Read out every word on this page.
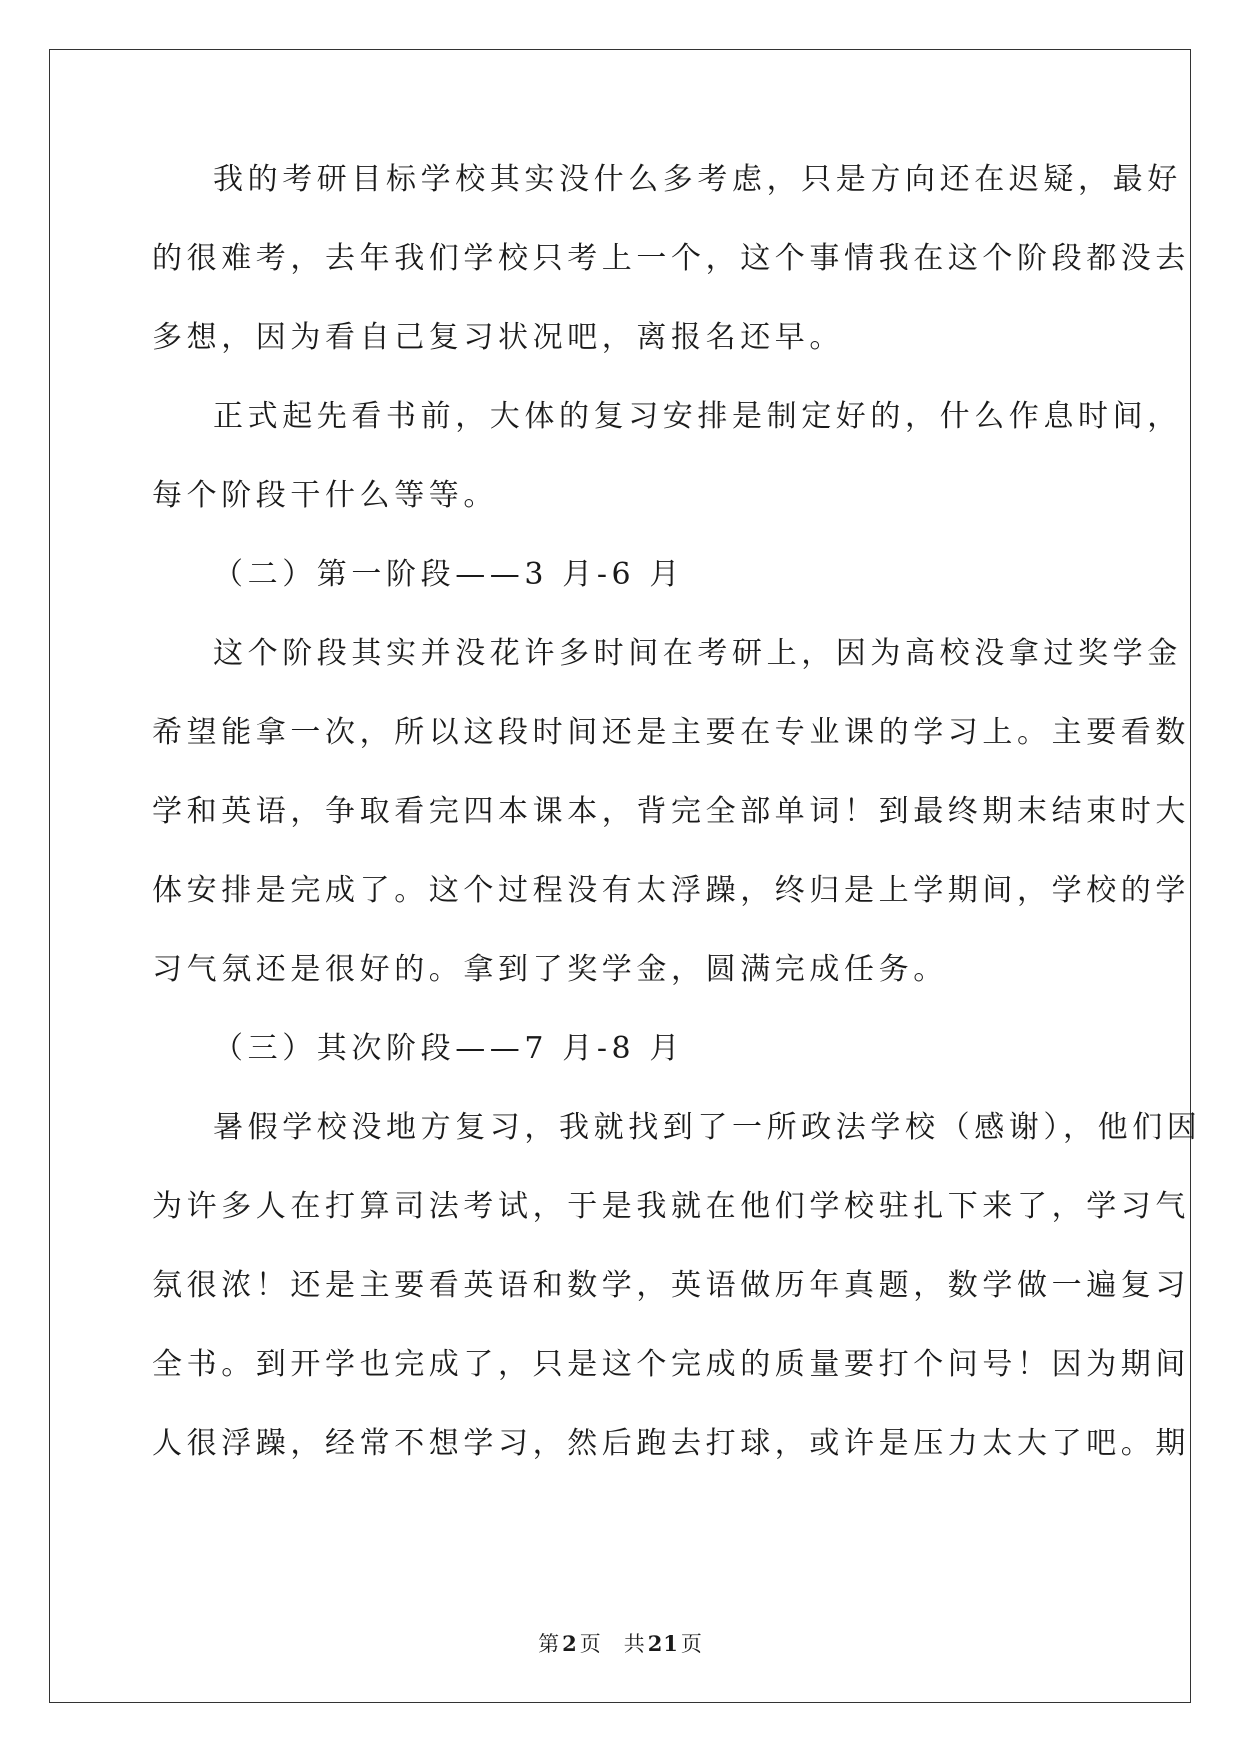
我的考研目标学校其实没什么多考虑，只是方向还在迟疑，最好

的很难考，去年我们学校只考上一个，这个事情我在这个阶段都没去

多想，因为看自己复习状况吧，离报名还早。

正式起先看书前，大体的复习安排是制定好的，什么作息时间，

每个阶段干什么等等。

（二）第一阶段——3 月-6 月

这个阶段其实并没花许多时间在考研上，因为高校没拿过奖学金

希望能拿一次，所以这段时间还是主要在专业课的学习上。主要看数

学和英语，争取看完四本课本，背完全部单词！到最终期末结束时大

体安排是完成了。这个过程没有太浮躁，终归是上学期间，学校的学

习气氛还是很好的。拿到了奖学金，圆满完成任务。

（三）其次阶段——7 月-8 月

暑假学校没地方复习，我就找到了一所政法学校（感谢），他们因

为许多人在打算司法考试，于是我就在他们学校驻扎下来了，学习气

氛很浓！还是主要看英语和数学，英语做历年真题，数学做一遍复习

全书。到开学也完成了，只是这个完成的质量要打个问号！因为期间

人很浮躁，经常不想学习，然后跑去打球，或许是压力太大了吧。期

第2页 共21页
